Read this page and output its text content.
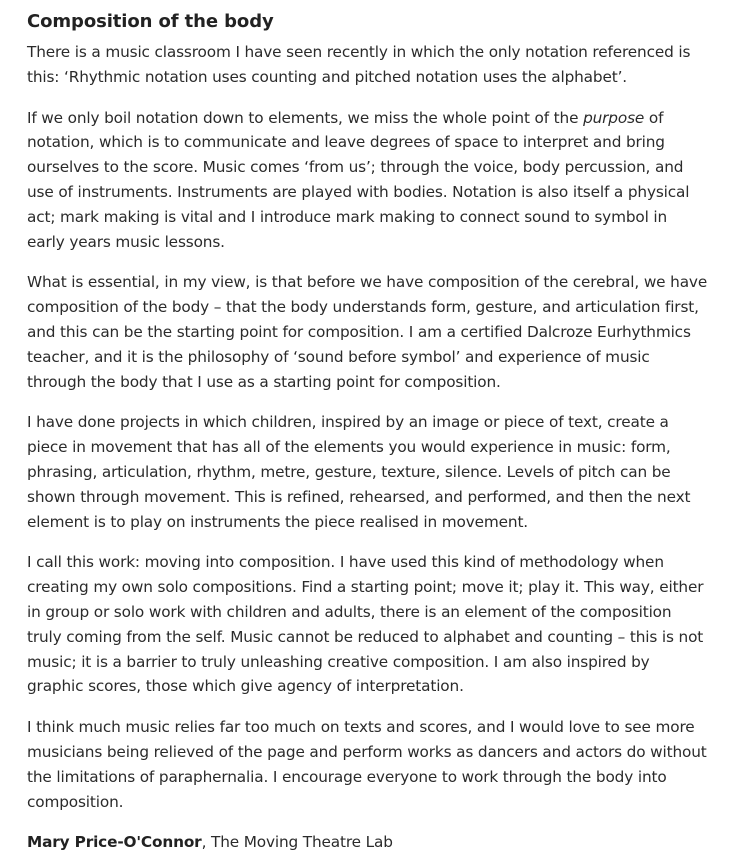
Composition of the body

There is a music classroom I have seen recently in which the only notation referenced is this: ‘Rhythmic notation uses counting and pitched notation uses the alphabet’.

If we only boil notation down to elements, we miss the whole point of the purpose of notation, which is to communicate and leave degrees of space to interpret and bring ourselves to the score. Music comes ‘from us’; through the voice, body percussion, and use of instruments. Instruments are played with bodies. Notation is also itself a physical act; mark making is vital and I introduce mark making to connect sound to symbol in early years music lessons.

What is essential, in my view, is that before we have composition of the cerebral, we have composition of the body – that the body understands form, gesture, and articulation first, and this can be the starting point for composition. I am a certified Dalcroze Eurhythmics teacher, and it is the philosophy of ‘sound before symbol’ and experience of music through the body that I use as a starting point for composition.

I have done projects in which children, inspired by an image or piece of text, create a piece in movement that has all of the elements you would experience in music: form, phrasing, articulation, rhythm, metre, gesture, texture, silence. Levels of pitch can be shown through movement. This is refined, rehearsed, and performed, and then the next element is to play on instruments the piece realised in movement.

I call this work: moving into composition. I have used this kind of methodology when creating my own solo compositions. Find a starting point; move it; play it. This way, either in group or solo work with children and adults, there is an element of the composition truly coming from the self. Music cannot be reduced to alphabet and counting – this is not music; it is a barrier to truly unleashing creative composition. I am also inspired by graphic scores, those which give agency of interpretation.

I think much music relies far too much on texts and scores, and I would love to see more musicians being relieved of the page and perform works as dancers and actors do without the limitations of paraphernalia. I encourage everyone to work through the body into composition.

Mary Price-O'Connor, The Moving Theatre Lab
